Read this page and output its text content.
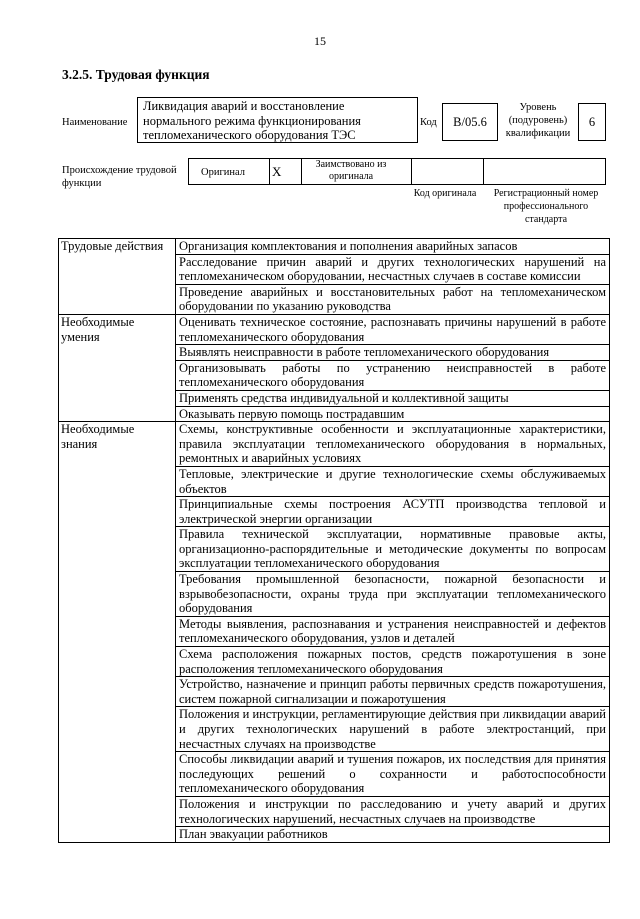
15
3.2.5. Трудовая функция
Наименование
Ликвидация аварий и восстановление нормального режима функционирования тепломеханического оборудования ТЭС
Код	B/05.6
Уровень (подуровень) квалификации
6
Происхождение трудовой функции
Оригинал X	Заимствовано из оригинала
Код оригинала	Регистрационный номер профессионального стандарта
Трудовые действия	Организация комплектования и пополнения аварийных запасов
	Расследование причин аварий и других технологических нарушений на тепломеханическом оборудовании, несчастных случаев в составе комиссии
	Проведение аварийных и восстановительных работ на тепломеханическом оборудовании по указанию руководства
Необходимые умения	Оценивать техническое состояние, распознавать причины нарушений в работе тепломеханического оборудования
	Выявлять неисправности в работе тепломеханического оборудования
	Организовывать работы по устранению неисправностей в работе тепломеханического оборудования
	Применять средства индивидуальной и коллективной защиты
	Оказывать первую помощь пострадавшим
Необходимые знания	Схемы, конструктивные особенности и эксплуатационные характеристики, правила эксплуатации тепломеханического оборудования в нормальных, ремонтных и аварийных условиях
	Тепловые, электрические и другие технологические схемы обслуживаемых объектов
	Принципиальные схемы построения АСУТП производства тепловой и электрической энергии организации
	Правила технической эксплуатации, нормативные правовые акты, организационно-распорядительные и методические документы по вопросам эксплуатации тепломеханического оборудования
	Требования промышленной безопасности, пожарной безопасности и взрывобезопасности, охраны труда при эксплуатации тепломеханического оборудования
	Методы выявления, распознавания и устранения неисправностей и дефектов тепломеханического оборудования, узлов и деталей
	Схема расположения пожарных постов, средств пожаротушения в зоне расположения тепломеханического оборудования
	Устройство, назначение и принцип работы первичных средств пожаротушения, систем пожарной сигнализации и пожаротушения
	Положения и инструкции, регламентирующие действия при ликвидации аварий и других технологических нарушений в работе электростанций, при несчастных случаях на производстве
	Способы ликвидации аварий и тушения пожаров, их последствия для принятия последующих решений о сохранности и работоспособности тепломеханического оборудования
	Положения и инструкции по расследованию и учету аварий и других технологических нарушений, несчастных случаев на производстве
	План эвакуации работников
